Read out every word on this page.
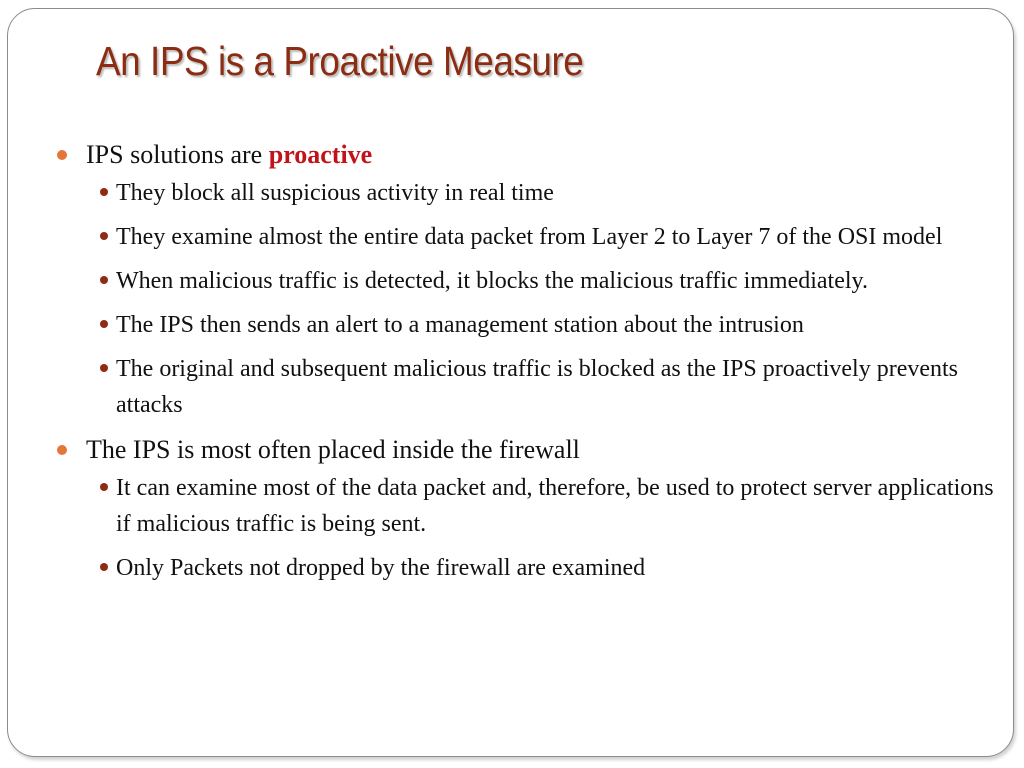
An IPS is a Proactive Measure
IPS solutions are proactive
They block all suspicious activity in real time
They examine almost the entire data packet from Layer 2 to Layer 7 of the OSI model
When malicious traffic is detected, it blocks the malicious traffic immediately.
The IPS then sends an alert to a management station about the intrusion
The original and subsequent malicious traffic is blocked as the IPS proactively prevents attacks
The IPS is most often placed inside the firewall
It can examine most of the data packet and, therefore, be used to protect server applications if malicious traffic is being sent.
Only Packets not dropped by the firewall are examined
